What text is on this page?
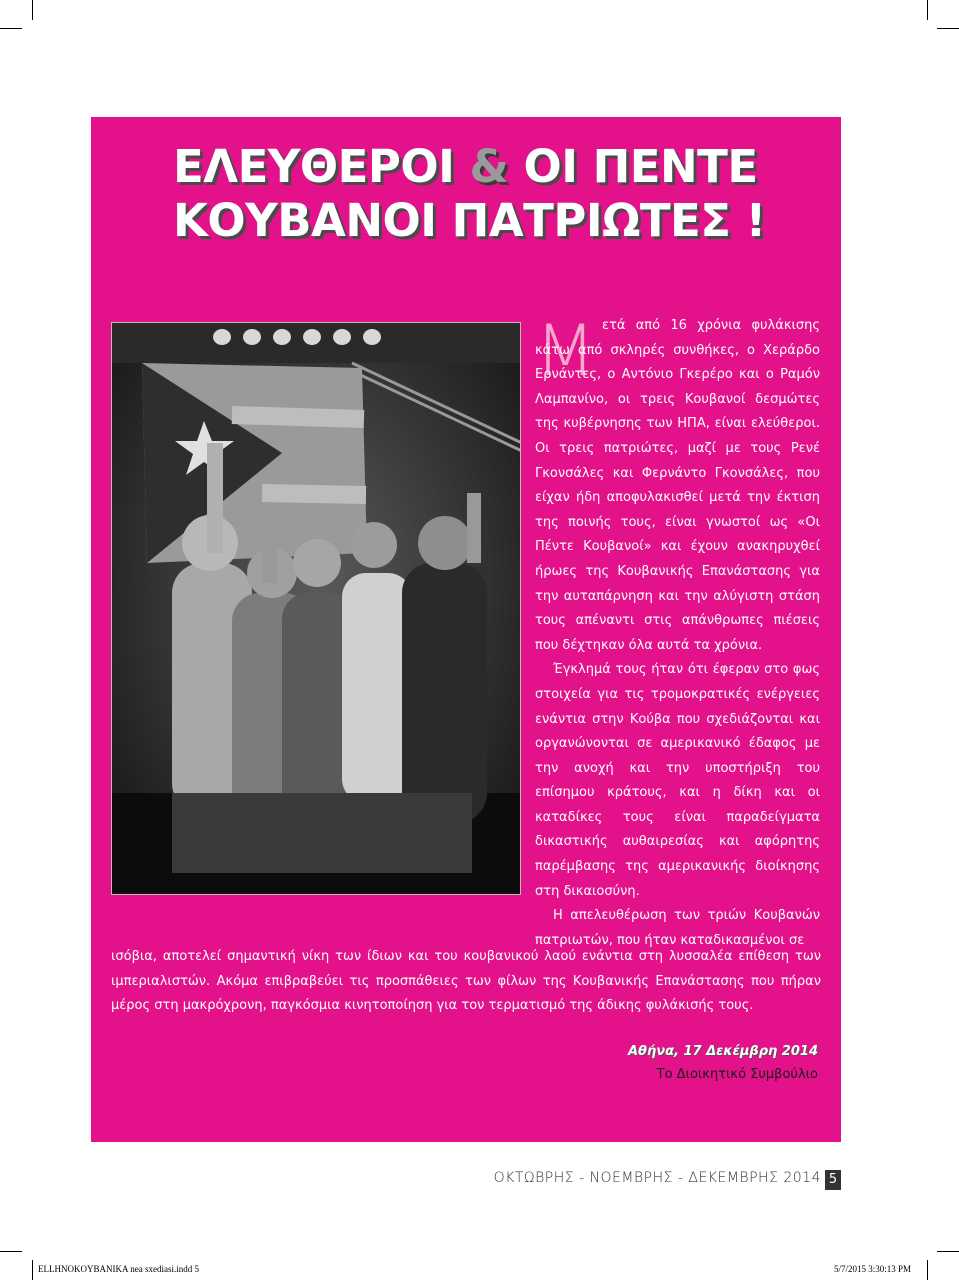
ΕΛΕΥΘΕΡΟΙ & ΟΙ ΠΕΝΤΕ
ΚΟΥΒΑΝΟΙ ΠΑΤΡΙΩΤΕΣ !
Μ ετά από 16 χρόνια φυλάκισης κάτω από σκληρές συνθήκες, ο Χεράρδο Ερνάντες, ο Αντόνιο Γκερέρο και ο Ραμόν Λαμπανίνο, οι τρεις Κουβανοί δεσμώτες της κυβέρνησης των ΗΠΑ, είναι ελεύθεροι. Οι τρεις πατριώτες, μαζί με τους Ρενέ Γκονσάλες και Φερνάντο Γκονσάλες, που είχαν ήδη αποφυλακισθεί μετά την έκτιση της ποινής τους, είναι γνωστοί ως «Οι Πέντε Κουβανοί» και έχουν ανακηρυχθεί ήρωες της Κουβανικής Επανάστασης για την αυταπάρνηση και την αλύγιστη στάση τους απέναντι στις απάνθρωπες πιέσεις που δέχτηκαν όλα αυτά τα χρόνια.

Έγκλημά τους ήταν ότι έφεραν στο φως στοιχεία για τις τρομοκρατικές ενέργειες ενάντια στην Κούβα που σχεδιάζονται και οργανώνονται σε αμερικανικό έδαφος με την ανοχή και την υποστήριξη του επίσημου κράτους, και η δίκη και οι καταδίκες τους είναι παραδείγματα δικαστικής αυθαιρεσίας και αφόρητης παρέμβασης της αμερικανικής διοίκησης στη δικαιοσύνη.

Η απελευθέρωση των τριών Κουβανών πατριωτών, που ήταν καταδικασμένοι σε

ισόβια, αποτελεί σημαντική νίκη των ίδιων και του κουβανικού λαού ενάντια στη λυσσαλέα επίθεση των ιμπεριαλιστών. Ακόμα επιβραβεύει τις προσπάθειες των φίλων της Κουβανικής Επανάστασης που πήραν μέρος στη μακρόχρονη, παγκόσμια κινητοποίηση για τον τερματισμό της άδικης φυλάκισής τους.

Αθήνα, 17 Δεκέμβρη 2014
Το Διοικητικό Συμβούλιο
ΟΚΤΩΒΡΗΣ - ΝΟΕΜΒΡΗΣ - ΔΕΚΕΜΒΡΗΣ 2014 5
ELLHNOKOYBANIKA nea sxediasi.indd 5	5/7/2015 3:30:13 PM
